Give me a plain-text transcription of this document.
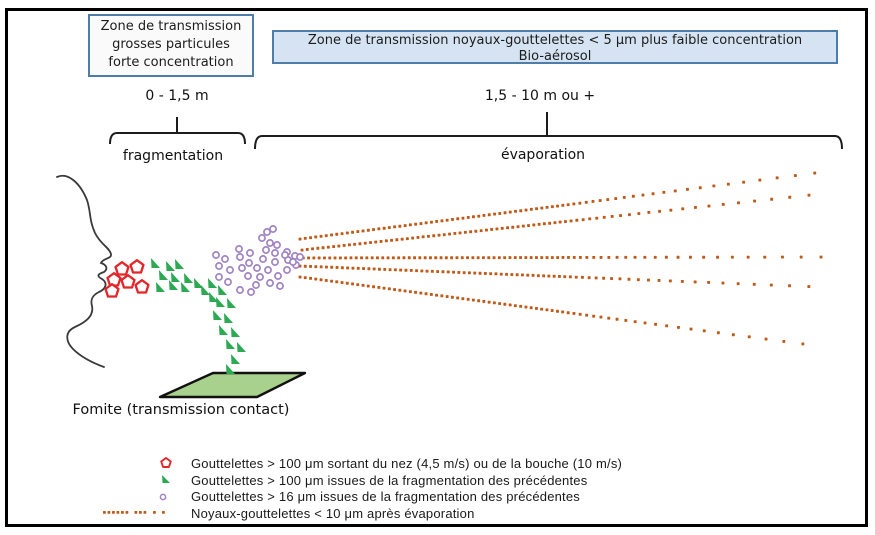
Zone de transmission
grosses particules
forte concentration
Zone de transmission noyaux-gouttelettes < 5 μm plus faible concentration
Bio-aérosol
0 - 1,5 m	1,5 - 10 m ou +
fragmentation	évaporation
Fomite (transmission contact)
Gouttelettes > 100 μm sortant du nez (4,5 m/s) ou de la bouche (10 m/s)
Gouttelettes > 100 μm issues de la fragmentation des précédentes
Gouttelettes > 16 μm issues de la fragmentation des précédentes
Noyaux-gouttelettes < 10 μm après évaporation
